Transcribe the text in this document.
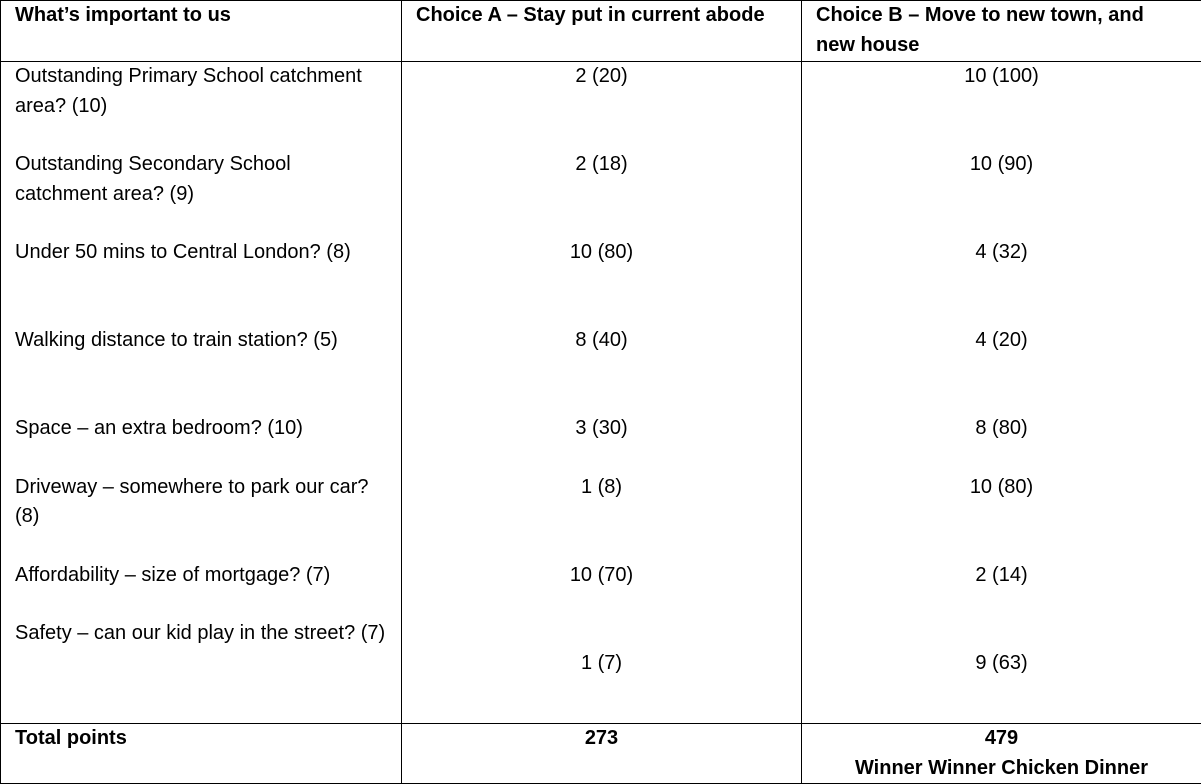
What’s important to us	Choice A – Stay put in current abode	Choice B – Move to new town, and new house
Outstanding Primary School catchment area? (10)	2 (20)	10 (100)

Outstanding Secondary School catchment area? (9)	2 (18)	10 (90)

Under 50 mins to Central London? (8)	10 (80)	4 (32)

Walking distance to train station? (5)	8 (40)	4 (20)

Space – an extra bedroom? (10)	3 (30)	8 (80)

Driveway – somewhere to park our car? (8)	1 (8)	10 (80)

Affordability – size of mortgage? (7)	10 (70)	2 (14)

Safety – can our kid play in the street? (7)	1 (7)	9 (63)

Total points	273	479
Winner Winner Chicken Dinner
